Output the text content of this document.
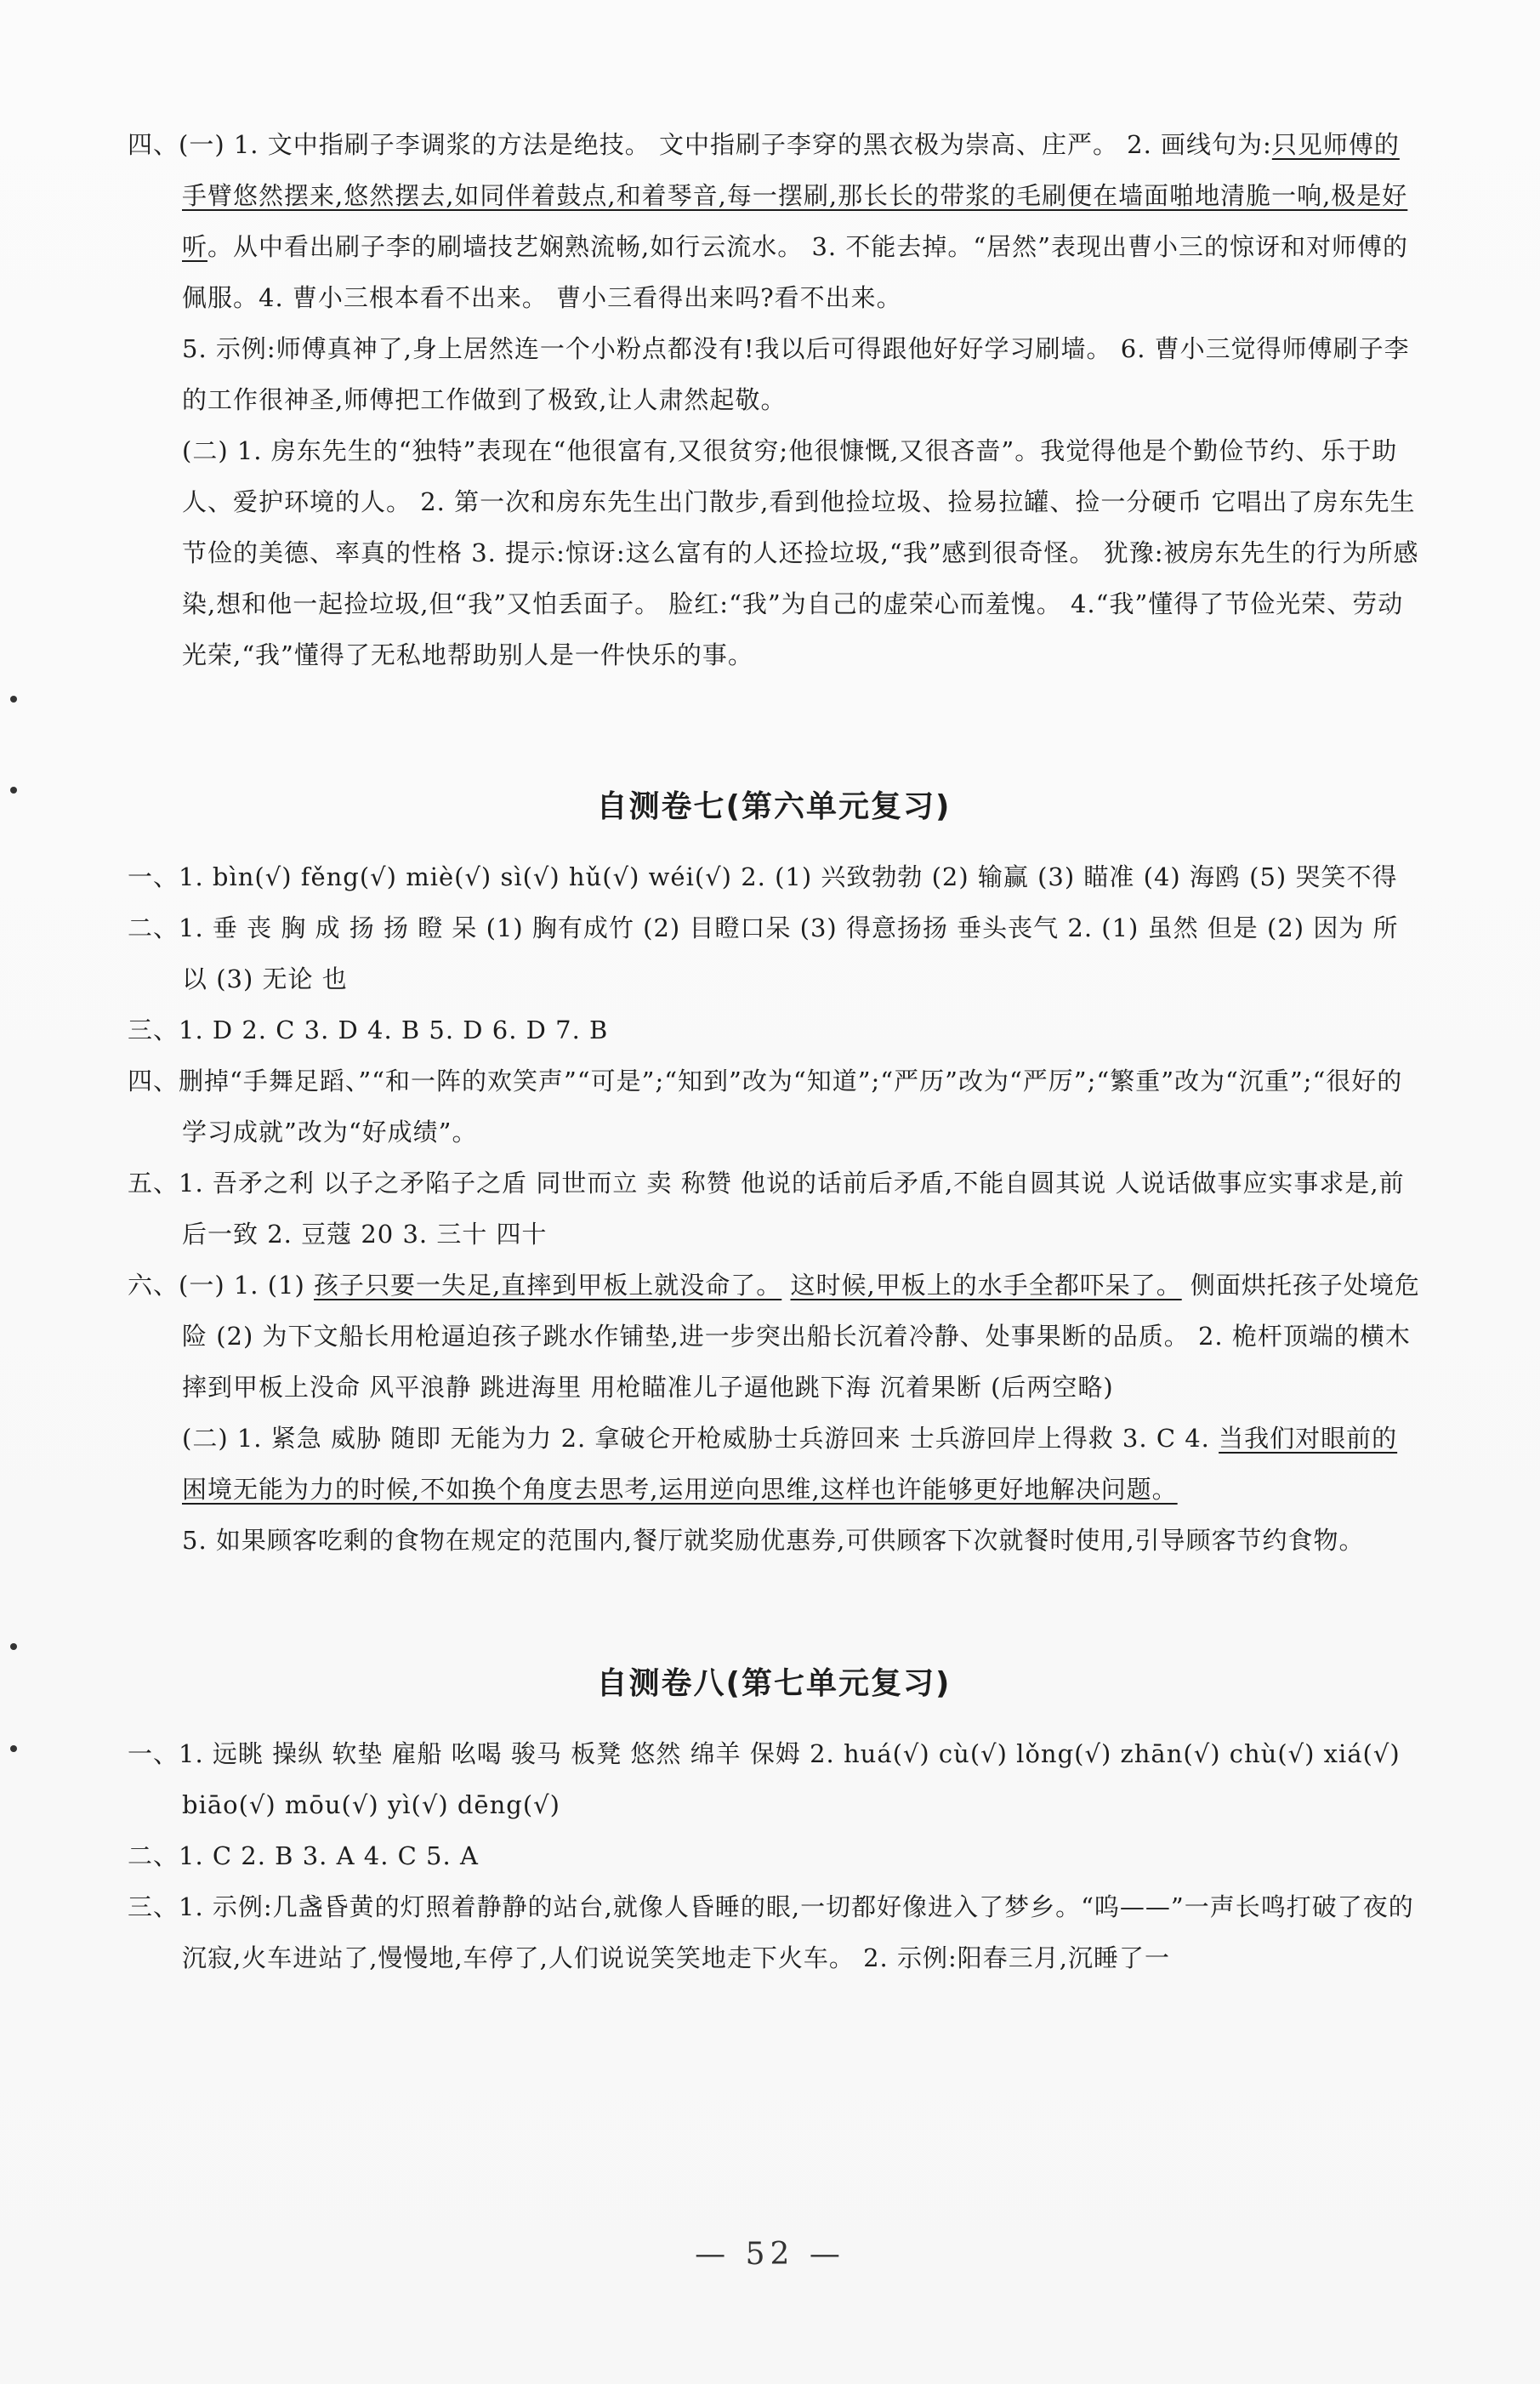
四、(一) 1. 文中指刷子李调浆的方法是绝技。 文中指刷子李穿的黑衣极为崇高、庄严。 2. 画线句为:只见师傅的手臂悠然摆来,悠然摆去,如同伴着鼓点,和着琴音,每一摆刷,那长长的带浆的毛刷便在墙面啪地清脆一响,极是好听。从中看出刷子李的刷墙技艺娴熟流畅,如行云流水。 3. 不能去掉。“居然”表现出曹小三的惊讶和对师傅的佩服。4. 曹小三根本看不出来。 曹小三看得出来吗?看不出来。

5. 示例:师傅真神了,身上居然连一个小粉点都没有!我以后可得跟他好好学习刷墙。 6. 曹小三觉得师傅刷子李的工作很神圣,师傅把工作做到了极致,让人肃然起敬。

(二) 1. 房东先生的“独特”表现在“他很富有,又很贫穷;他很慷慨,又很吝啬”。我觉得他是个勤俭节约、乐于助人、爱护环境的人。 2. 第一次和房东先生出门散步,看到他捡垃圾、捡易拉罐、捡一分硬币 它唱出了房东先生节俭的美德、率真的性格 3. 提示:惊讶:这么富有的人还捡垃圾,“我”感到很奇怪。 犹豫:被房东先生的行为所感染,想和他一起捡垃圾,但“我”又怕丢面子。 脸红:“我”为自己的虚荣心而羞愧。 4.“我”懂得了节俭光荣、劳动光荣,“我”懂得了无私地帮助别人是一件快乐的事。

自测卷七(第六单元复习)

一、1. bìn(√) fěng(√) miè(√) sì(√) hǔ(√) wéi(√) 2. (1) 兴致勃勃 (2) 输赢 (3) 瞄准 (4) 海鸥 (5) 哭笑不得

二、1. 垂 丧 胸 成 扬 扬 瞪 呆 (1) 胸有成竹 (2) 目瞪口呆 (3) 得意扬扬 垂头丧气 2. (1) 虽然 但是 (2) 因为 所以 (3) 无论 也

三、1. D 2. C 3. D 4. B 5. D 6. D 7. B

四、删掉“手舞足蹈、”“和一阵的欢笑声”“可是”;“知到”改为“知道”;“严历”改为“严厉”;“繁重”改为“沉重”;“很好的学习成就”改为“好成绩”。

五、1. 吾矛之利 以子之矛陷子之盾 同世而立 卖 称赞 他说的话前后矛盾,不能自圆其说 人说话做事应实事求是,前后一致 2. 豆蔻 20 3. 三十 四十

六、(一) 1. (1) 孩子只要一失足,直摔到甲板上就没命了。 这时候,甲板上的水手全都吓呆了。 侧面烘托孩子处境危险 (2) 为下文船长用枪逼迫孩子跳水作铺垫,进一步突出船长沉着冷静、处事果断的品质。 2. 桅杆顶端的横木 摔到甲板上没命 风平浪静 跳进海里 用枪瞄准儿子逼他跳下海 沉着果断 (后两空略)

(二) 1. 紧急 威胁 随即 无能为力 2. 拿破仑开枪威胁士兵游回来 士兵游回岸上得救 3. C 4. 当我们对眼前的困境无能为力的时候,不如换个角度去思考,运用逆向思维,这样也许能够更好地解决问题。

5. 如果顾客吃剩的食物在规定的范围内,餐厅就奖励优惠券,可供顾客下次就餐时使用,引导顾客节约食物。

自测卷八(第七单元复习)

一、1. 远眺 操纵 软垫 雇船 吆喝 骏马 板凳 悠然 绵羊 保姆 2. huá(√) cù(√) lǒng(√) zhān(√) chù(√) xiá(√) biāo(√) mōu(√) yì(√) dēng(√)

二、1. C 2. B 3. A 4. C 5. A

三、1. 示例:几盏昏黄的灯照着静静的站台,就像人昏睡的眼,一切都好像进入了梦乡。“呜——”一声长鸣打破了夜的沉寂,火车进站了,慢慢地,车停了,人们说说笑笑地走下火车。 2. 示例:阳春三月,沉睡了一

— 52 —
